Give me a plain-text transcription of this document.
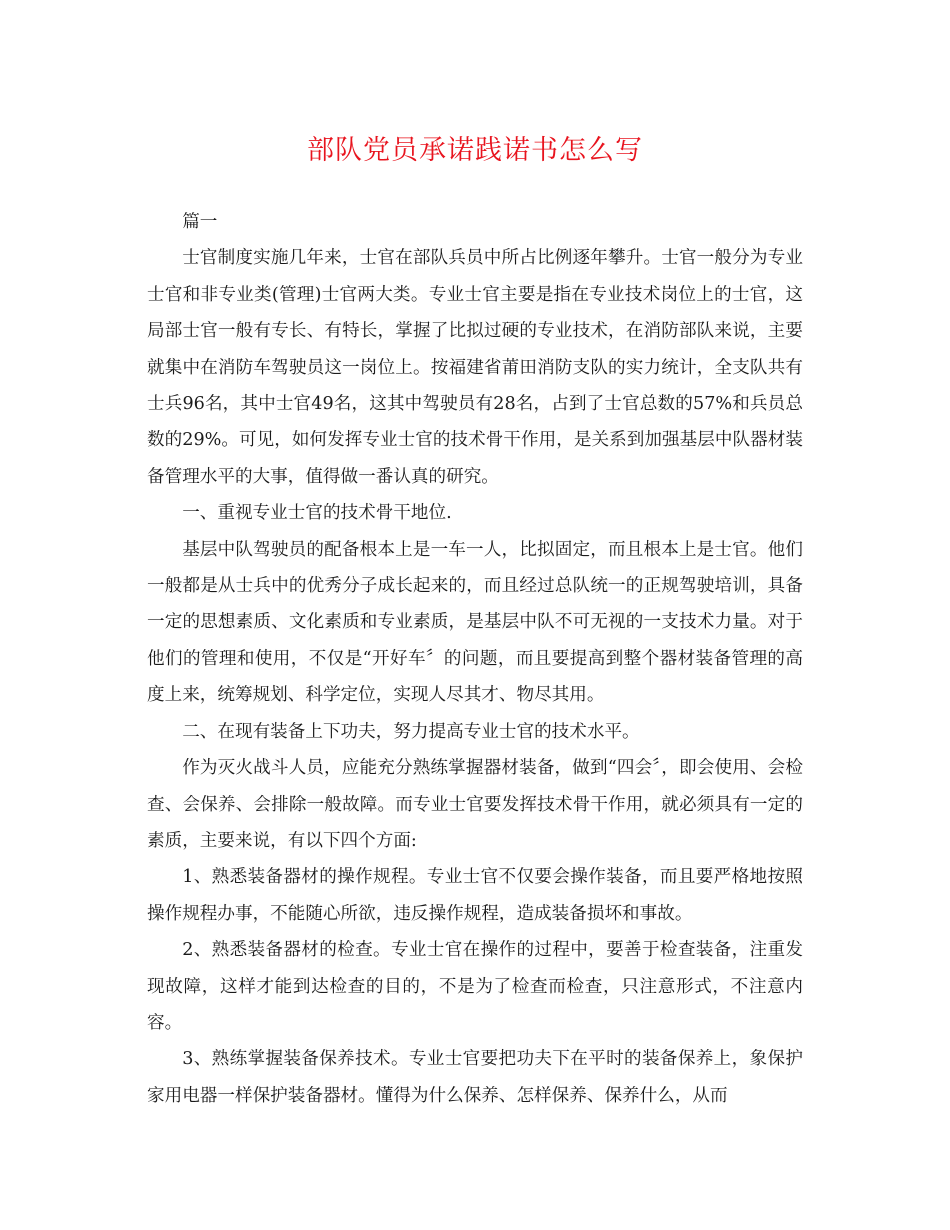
部队党员承诺践诺书怎么写

篇一

士官制度实施几年来，士官在部队兵员中所占比例逐年攀升。士官一般分为专业士官和非专业类(管理)士官两大类。专业士官主要是指在专业技术岗位上的士官，这局部士官一般有专长、有特长，掌握了比拟过硬的专业技术，在消防部队来说，主要就集中在消防车驾驶员这一岗位上。按福建省莆田消防支队的实力统计，全支队共有士兵96名，其中士官49名，这其中驾驶员有28名，占到了士官总数的57%和兵员总数的29%。可见，如何发挥专业士官的技术骨干作用，是关系到加强基层中队器材装备管理水平的大事，值得做一番认真的研究。

一、重视专业士官的技术骨干地位.

基层中队驾驶员的配备根本上是一车一人，比拟固定，而且根本上是士官。他们一般都是从士兵中的优秀分子成长起来的，而且经过总队统一的正规驾驶培训，具备一定的思想素质、文化素质和专业素质，是基层中队不可无视的一支技术力量。对于他们的管理和使用，不仅是“开好车〞的问题，而且要提高到整个器材装备管理的高度上来，统筹规划、科学定位，实现人尽其才、物尽其用。

二、在现有装备上下功夫，努力提高专业士官的技术水平。

作为灭火战斗人员，应能充分熟练掌握器材装备，做到“四会〞，即会使用、会检查、会保养、会排除一般故障。而专业士官要发挥技术骨干作用，就必须具有一定的素质，主要来说，有以下四个方面:

1、熟悉装备器材的操作规程。专业士官不仅要会操作装备，而且要严格地按照操作规程办事，不能随心所欲，违反操作规程，造成装备损坏和事故。

2、熟悉装备器材的检查。专业士官在操作的过程中，要善于检查装备，注重发现故障，这样才能到达检查的目的，不是为了检查而检查，只注意形式，不注意内容。

3、熟练掌握装备保养技术。专业士官要把功夫下在平时的装备保养上，象保护家用电器一样保护装备器材。懂得为什么保养、怎样保养、保养什么，从而
